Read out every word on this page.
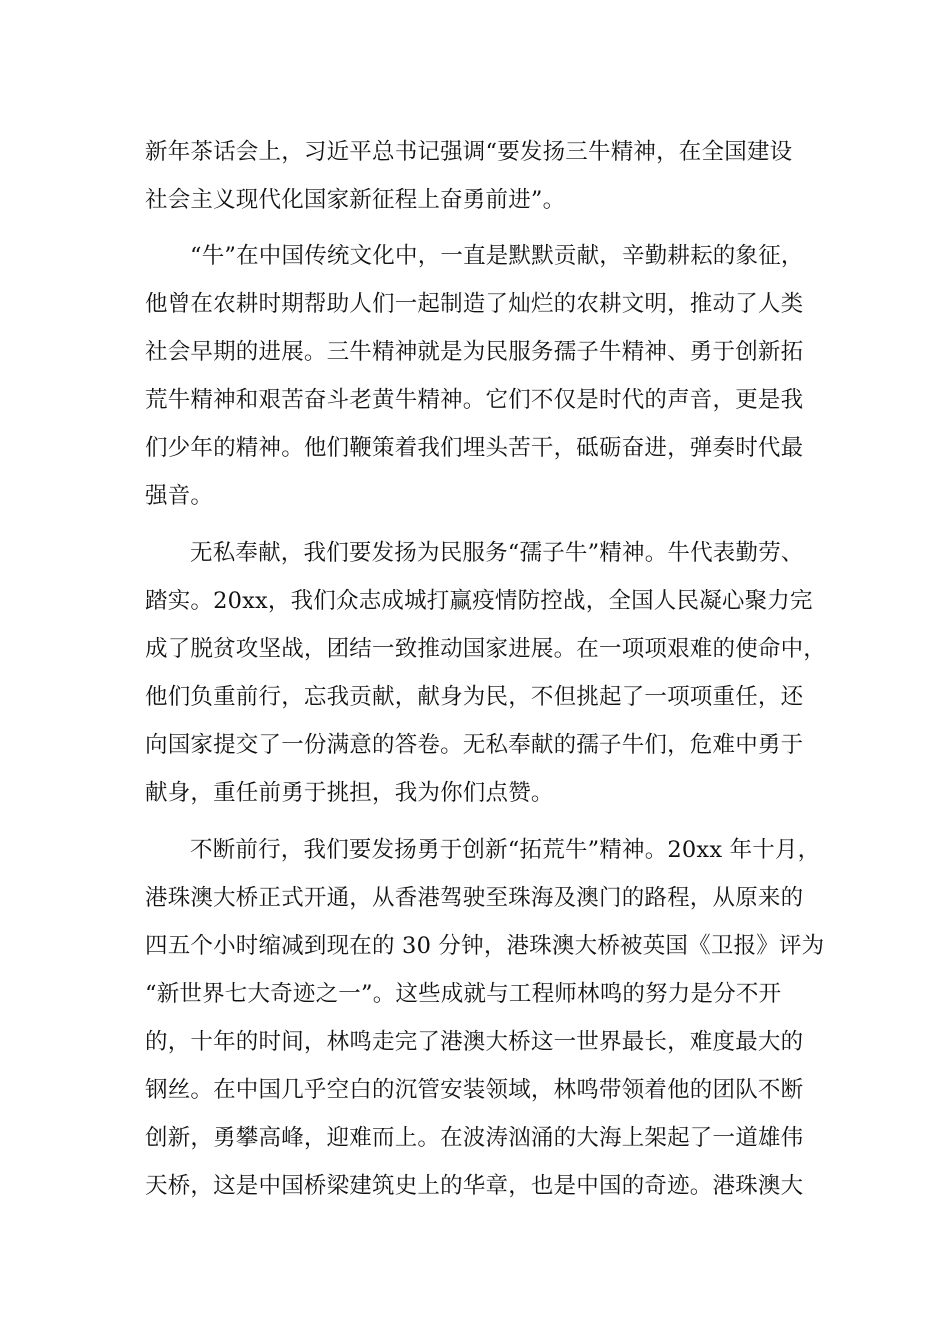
新年茶话会上，习近平总书记强调“要发扬三牛精神，在全国建设
社会主义现代化国家新征程上奋勇前进”。
“牛”在中国传统文化中，一直是默默贡献，辛勤耕耘的象征，
他曾在农耕时期帮助人们一起制造了灿烂的农耕文明，推动了人类
社会早期的进展。三牛精神就是为民服务孺子牛精神、勇于创新拓
荒牛精神和艰苦奋斗老黄牛精神。它们不仅是时代的声音，更是我
们少年的精神。他们鞭策着我们埋头苦干，砥砺奋进，弹奏时代最
强音。
无私奉献，我们要发扬为民服务“孺子牛”精神。牛代表勤劳、
踏实。20xx，我们众志成城打赢疫情防控战，全国人民凝心聚力完
成了脱贫攻坚战，团结一致推动国家进展。在一项项艰难的使命中，
他们负重前行，忘我贡献，献身为民，不但挑起了一项项重任，还
向国家提交了一份满意的答卷。无私奉献的孺子牛们，危难中勇于
献身，重任前勇于挑担，我为你们点赞。
不断前行，我们要发扬勇于创新“拓荒牛”精神。20xx 年十月，
港珠澳大桥正式开通，从香港驾驶至珠海及澳门的路程，从原来的
四五个小时缩减到现在的 30 分钟，港珠澳大桥被英国《卫报》评为
“新世界七大奇迹之一”。这些成就与工程师林鸣的努力是分不开
的，十年的时间，林鸣走完了港澳大桥这一世界最长，难度最大的
钢丝。在中国几乎空白的沉管安装领域，林鸣带领着他的团队不断
创新，勇攀高峰，迎难而上。在波涛汹涌的大海上架起了一道雄伟
天桥，这是中国桥梁建筑史上的华章，也是中国的奇迹。港珠澳大
